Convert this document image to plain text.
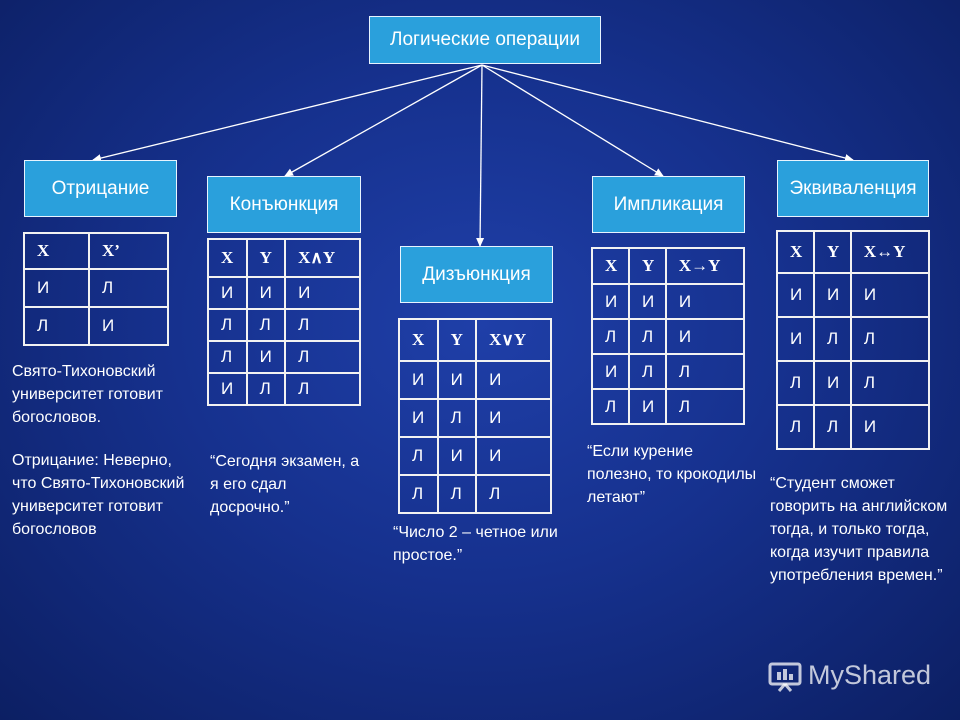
Логические операции
Отрицание
Конъюнкция
Дизъюнкция
Импликация
Эквиваленция
X	X’
И	Л
Л	И
X	Y	X∧Y
И	И	И
Л	Л	Л
Л	И	Л
И	Л	Л
X	Y	X∨Y
И	И	И
И	Л	И
Л	И	И
Л	Л	Л
X	Y	X→Y
И	И	И
Л	Л	И
И	Л	Л
Л	И	Л
X	Y	X↔Y
И	И	И
И	Л	Л
Л	И	Л
Л	Л	И
Свято-Тихоновский университет готовит богословов.
Отрицание: Неверно, что Свято-Тихоновский университет готовит богословов
“Сегодня экзамен, а я его сдал досрочно.”
“Число 2 – четное или простое.”
“Если курение полезно, то крокодилы летают”
“Студент сможет говорить на английском тогда, и только тогда, когда изучит правила употребления времен.”
MyShared
